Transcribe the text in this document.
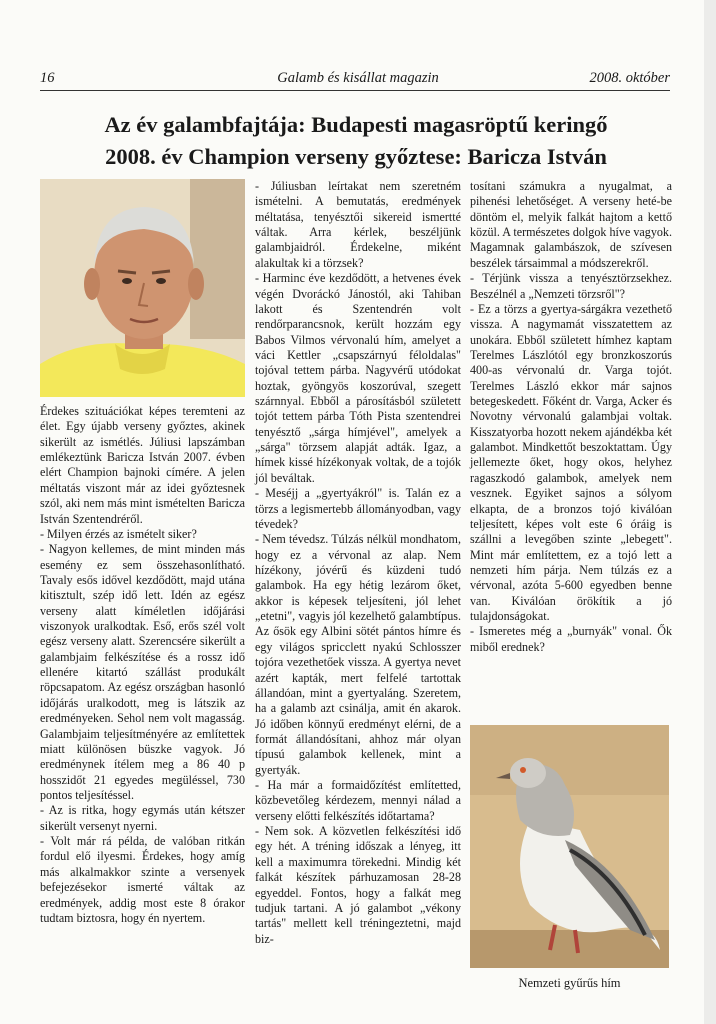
16	Galamb és kisállat magazin	2008. október
Az év galambfajtája: Budapesti magasröptű keringő
2008. év Champion verseny győztese: Baricza István
Érdekes szituációkat képes teremteni az élet. Egy újabb verseny győztes, akinek sikerült az ismétlés. Júliusi lapszámban emlékeztünk Baricza István 2007. évben elért Champion bajnoki címére. A jelen méltatás viszont már az idei győztesnek szól, aki nem más mint ismételten Baricza István Szentendréről.
- Milyen érzés az ismételt siker?
- Nagyon kellemes, de mint minden más esemény ez sem összehasonlítható. Tavaly esős idővel kezdődött, majd utána kitisztult, szép idő lett. Idén az egész verseny alatt kíméletlen időjárási viszonyok uralkodtak. Eső, erős szél volt egész verseny alatt. Szerencsére sikerült a galambjaim felkészítése és a rossz idő ellenére kitartó szállást produkált röpcsapatom. Az egész országban hasonló időjárás uralkodott, meg is látszik az eredményeken. Sehol nem volt magasság. Galambjaim teljesítményére az említettek miatt különösen büszke vagyok. Jó eredménynek ítélem meg a 86 40 p hosszidőt 21 egyedes megüléssel, 730 pontos teljesítéssel.
- Az is ritka, hogy egymás után kétszer sikerült versenyt nyerni.
- Volt már rá példa, de valóban ritkán fordul elő ilyesmi. Érdekes, hogy amíg más alkalmakkor szinte a versenyek befejezésekor ismerté váltak az eredmények, addig most este 8 órakor tudtam biztosra, hogy én nyertem.
- Júliusban leírtakat nem szeretném ismételni. A bemutatás, eredmények méltatása, tenyésztői sikereid ismertté váltak. Arra kérlek, beszéljünk galambjaidról. Érdekelne, miként alakultak ki a törzsek?
- Harminc éve kezdődött, a hetvenes évek végén Dvoráckó Jánostól, aki Tahiban lakott és Szentendrén volt rendőrparancsnok, került hozzám egy Babos Vilmos vérvonalú hím, amelyet a váci Kettler „csapszárnyú féloldalas" tojóval tettem párba. Nagyvérű utódokat hoztak, gyöngyös koszorúval, szegett szárnnyal. Ebből a párosításból született tojót tettem párba Tóth Pista szentendrei tenyésztő „sárga hímjével", amelyek a „sárga" törzsem alapját adták. Igaz, a hímek kissé hízékonyak voltak, de a tojók jól beváltak.
- Meséjj a „gyertyákról" is. Talán ez a törzs a legismertebb állományodban, vagy tévedek?
- Nem tévedsz. Túlzás nélkül mondhatom, hogy ez a vérvonal az alap. Nem hízékony, jóvérű és küzdeni tudó galambok. Ha egy hétig lezárom őket, akkor is képesek teljesíteni, jól lehet „etetni", vagyis jól kezelhető galambtípus. Az ősök egy Albini sötét pántos hímre és egy világos spricclett nyakú Schlosszer tojóra vezethetőek vissza. A gyertya nevet azért kapták, mert felfelé tartottak állandóan, mint a gyertyaláng. Szeretem, ha a galamb azt csinálja, amit én akarok. Jó időben könnyű eredményt elérni, de a formát állandósítani, ahhoz már olyan típusú galambok kellenek, mint a gyertyák.
- Ha már a formaidőzítést említetted, közbevetőleg kérdezem, mennyi nálad a verseny előtti felkészítés időtartama?
- Nem sok. A közvetlen felkészítési idő egy hét. A tréning időszak a lényeg, itt kell a maximumra törekedni. Mindig két falkát készítek párhuzamosan 28-28 egyeddel. Fontos, hogy a falkát meg tudjuk tartani. A jó galambot „vékony tartás" mellett kell tréningeztetni, majd biz-
tosítani számukra a nyugalmat, a pihenési lehetőséget. A verseny heté-be döntöm el, melyik falkát hajtom a kettő közül. A természetes dolgok híve vagyok. Magamnak galambászok, de szívesen beszélek társaimmal a módszerekről.
- Térjünk vissza a tenyésztörzsekhez. Beszélnél a „Nemzeti törzsről"?
- Ez a törzs a gyertya-sárgákra vezethető vissza. A nagymamát visszatettem az unokára. Ebből született hímhez kaptam Terelmes Lászlótól egy bronzkoszorús 400-as vérvonalú dr. Varga tojót. Terelmes László ekkor már sajnos betegeskedett. Főként dr. Varga, Acker és Novotny vérvonalú galambjai voltak. Kisszatyorba hozott nekem ajándékba két galambot. Mindkettőt beszoktattam. Úgy jellemezte őket, hogy okos, helyhez ragaszkodó galambok, amelyek nem vesznek. Egyiket sajnos a sólyom elkapta, de a bronzos tojó kiválóan teljesített, képes volt este 6 óráig is szállni a levegőben szinte „lebegett". Mint már említettem, ez a tojó lett a nemzeti hím párja. Nem túlzás ez a vérvonal, azóta 5-600 egyedben benne van. Kiválóan örökítik a jó tulajdonságokat.
- Ismeretes még a „burnyák" vonal. Ők miből erednek?
Nemzeti gyűrűs hím
